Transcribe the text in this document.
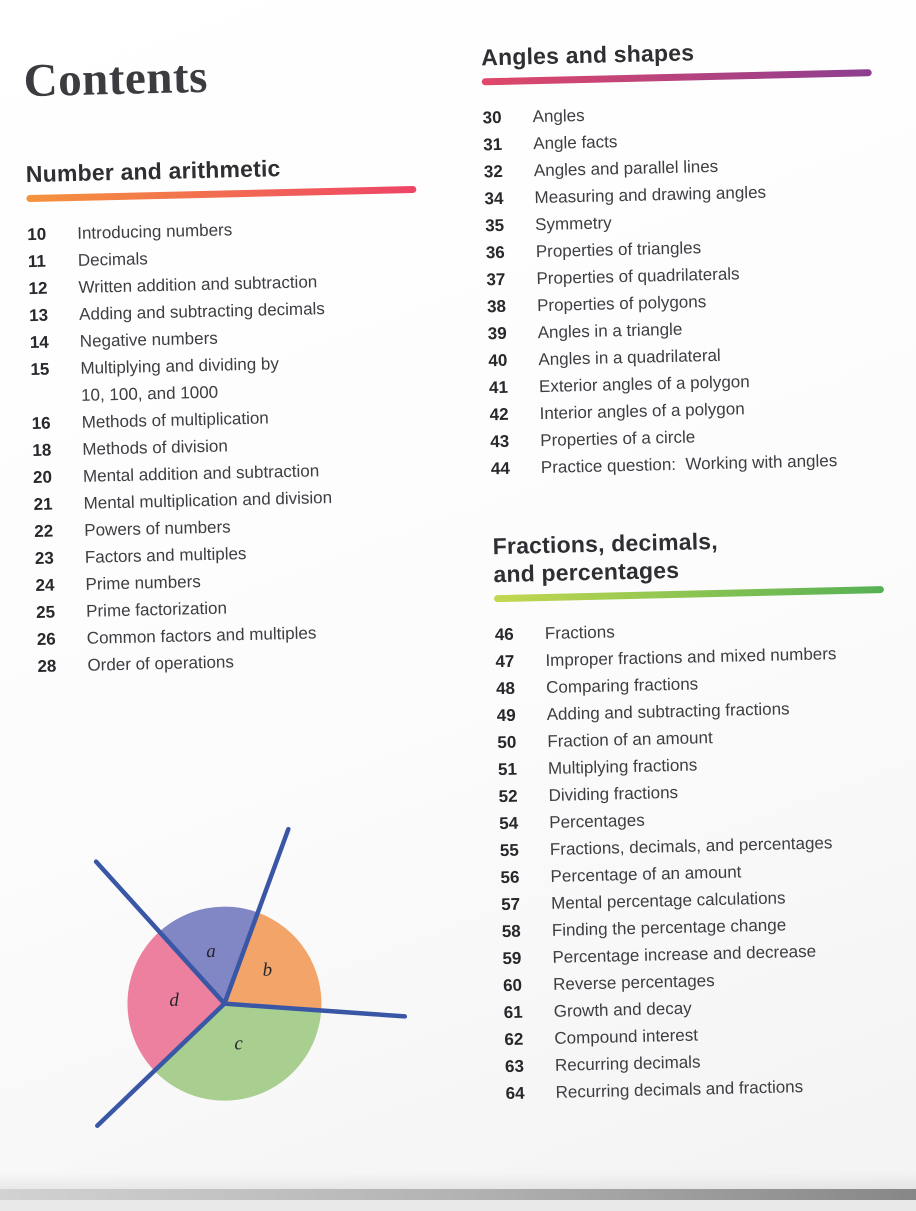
Contents
Number and arithmetic
10	Introducing numbers
11	Decimals
12	Written addition and subtraction
13	Adding and subtracting decimals
14	Negative numbers
15	Multiplying and dividing by
10, 100, and 1000
16	Methods of multiplication
18	Methods of division
20	Mental addition and subtraction
21	Mental multiplication and division
22	Powers of numbers
23	Factors and multiples
24	Prime numbers
25	Prime factorization
26	Common factors and multiples
28	Order of operations
Angles and shapes
30	Angles
31	Angle facts
32	Angles and parallel lines
34	Measuring and drawing angles
35	Symmetry
36	Properties of triangles
37	Properties of quadrilaterals
38	Properties of polygons
39	Angles in a triangle
40	Angles in a quadrilateral
41	Exterior angles of a polygon
42	Interior angles of a polygon
43	Properties of a circle
44	Practice question:  Working with angles
Fractions, decimals,
and percentages
46	Fractions
47	Improper fractions and mixed numbers
48	Comparing fractions
49	Adding and subtracting fractions
50	Fraction of an amount
51	Multiplying fractions
52	Dividing fractions
54	Percentages
55	Fractions, decimals, and percentages
56	Percentage of an amount
57	Mental percentage calculations
58	Finding the percentage change
59	Percentage increase and decrease
60	Reverse percentages
61	Growth and decay
62	Compound interest
63	Recurring decimals
64	Recurring decimals and fractions
a
b
c
d
